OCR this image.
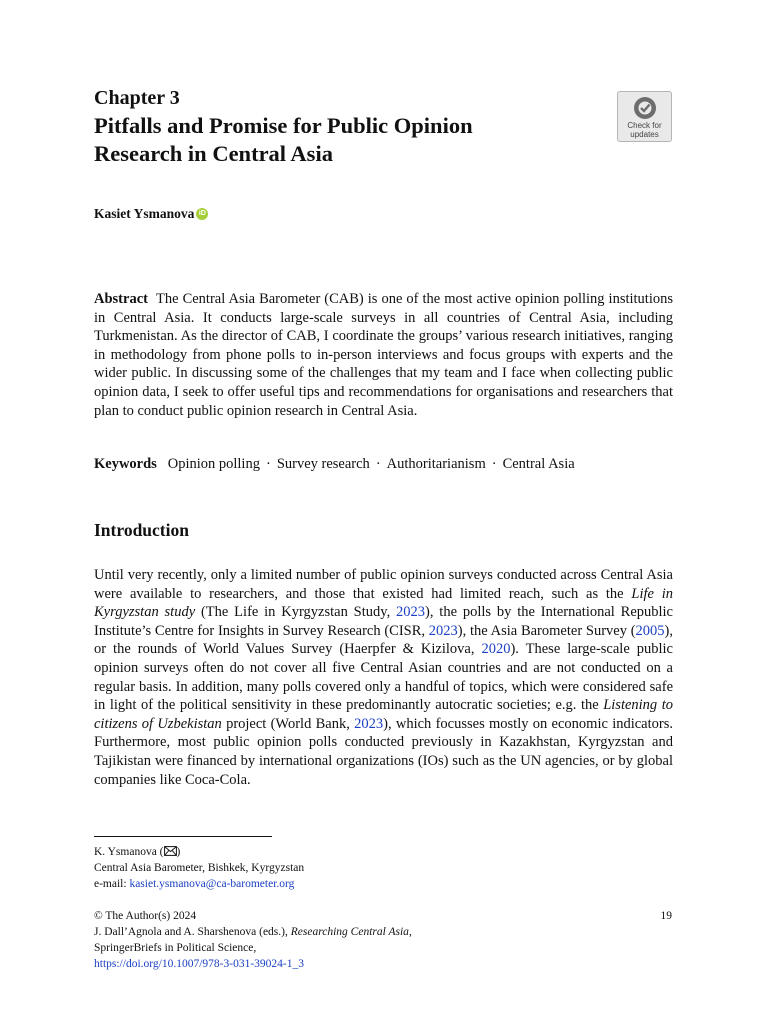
Chapter 3
Pitfalls and Promise for Public Opinion
Research in Central Asia
Check for
updates
Kasiet Ysmanova iD
Abstract The Central Asia Barometer (CAB) is one of the most active opinion polling institutions in Central Asia. It conducts large-scale surveys in all countries of Central Asia, including Turkmenistan. As the director of CAB, I coordinate the groups’ various research initiatives, ranging in methodology from phone polls to in-person interviews and focus groups with experts and the wider public. In discussing some of the challenges that my team and I face when collecting public opinion data, I seek to offer useful tips and recommendations for organisations and researchers that plan to conduct public opinion research in Central Asia.
Keywords Opinion polling · Survey research · Authoritarianism · Central Asia
Introduction
Until very recently, only a limited number of public opinion surveys conducted across Central Asia were available to researchers, and those that existed had limited reach, such as the Life in Kyrgyzstan study (The Life in Kyrgyzstan Study, 2023), the polls by the International Republic Institute’s Centre for Insights in Survey Research (CISR, 2023), the Asia Barometer Survey (2005), or the rounds of World Values Survey (Haerpfer & Kizilova, 2020). These large-scale public opinion surveys often do not cover all five Central Asian countries and are not conducted on a regular basis. In addition, many polls covered only a handful of topics, which were considered safe in light of the political sensitivity in these predominantly autocratic societies; e.g. the Listening to citizens of Uzbekistan project (World Bank, 2023), which focusses mostly on economic indicators. Furthermore, most public opinion polls conducted previously in Kazakhstan, Kyrgyzstan and Tajikistan were financed by international organizations (IOs) such as the UN agencies, or by global companies like Coca-Cola.
K. Ysmanova ( )
Central Asia Barometer, Bishkek, Kyrgyzstan
e-mail: kasiet.ysmanova@ca-barometer.org
© The Author(s) 2024
J. Dall’Agnola and A. Sharshenova (eds.), Researching Central Asia,
SpringerBriefs in Political Science,
https://doi.org/10.1007/978-3-031-39024-1_3
19
